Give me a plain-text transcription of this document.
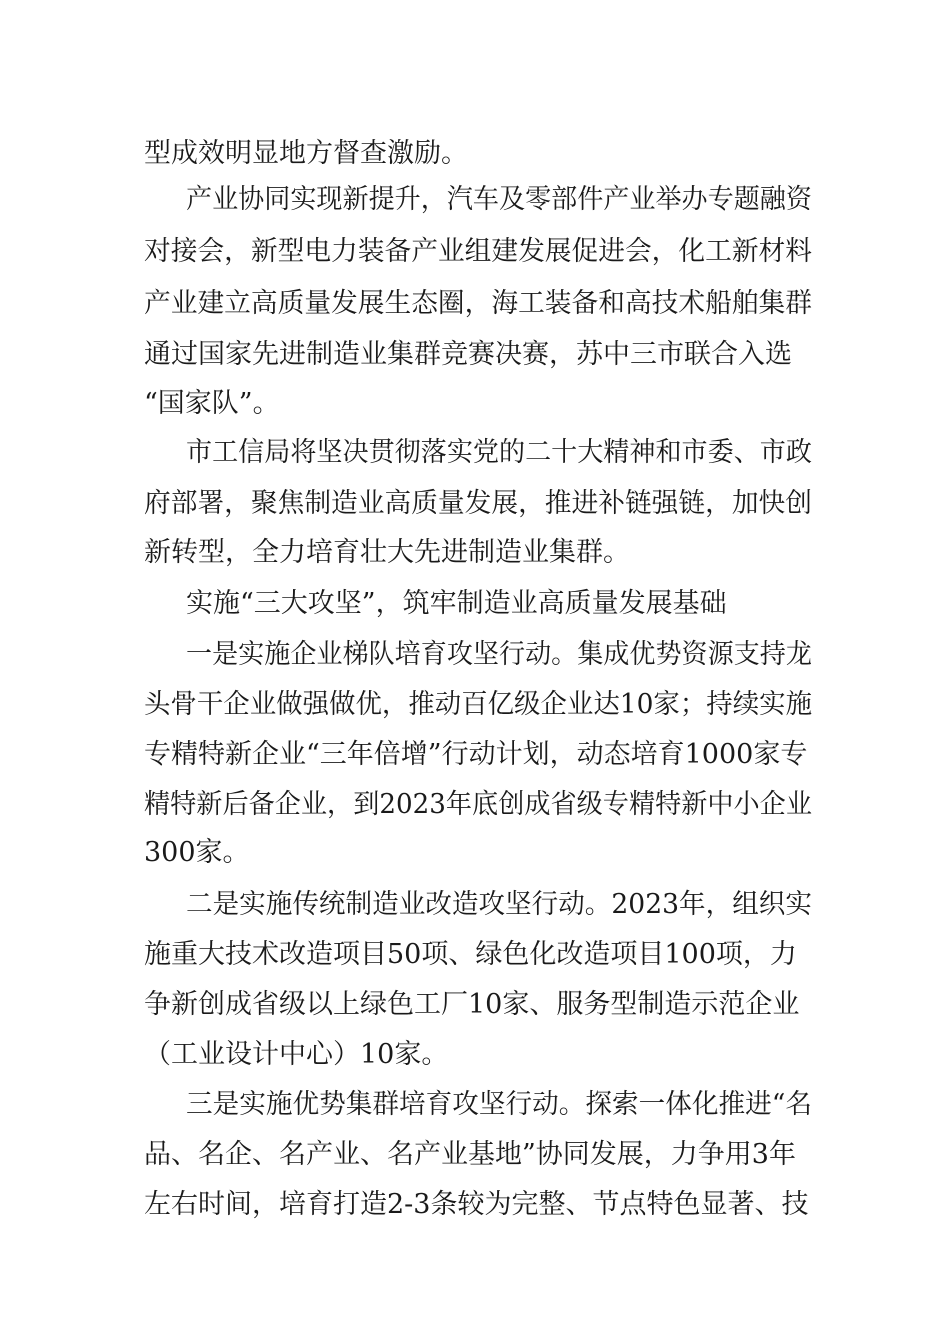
型成效明显地方督查激励。
产业协同实现新提升，汽车及零部件产业举办专题融资
对接会，新型电力装备产业组建发展促进会，化工新材料
产业建立高质量发展生态圈，海工装备和高技术船舶集群
通过国家先进制造业集群竞赛决赛，苏中三市联合入选
“国家队”。
市工信局将坚决贯彻落实党的二十大精神和市委、市政
府部署，聚焦制造业高质量发展，推进补链强链，加快创
新转型，全力培育壮大先进制造业集群。
实施“三大攻坚”，筑牢制造业高质量发展基础
一是实施企业梯队培育攻坚行动。集成优势资源支持龙
头骨干企业做强做优，推动百亿级企业达10家；持续实施
专精特新企业“三年倍增”行动计划，动态培育1000家专
精特新后备企业，到2023年底创成省级专精特新中小企业
300家。
二是实施传统制造业改造攻坚行动。2023年，组织实
施重大技术改造项目50项、绿色化改造项目100项，力
争新创成省级以上绿色工厂10家、服务型制造示范企业
（工业设计中心）10家。
三是实施优势集群培育攻坚行动。探索一体化推进“名
品、名企、名产业、名产业基地”协同发展，力争用3年
左右时间，培育打造2-3条较为完整、节点特色显著、技
